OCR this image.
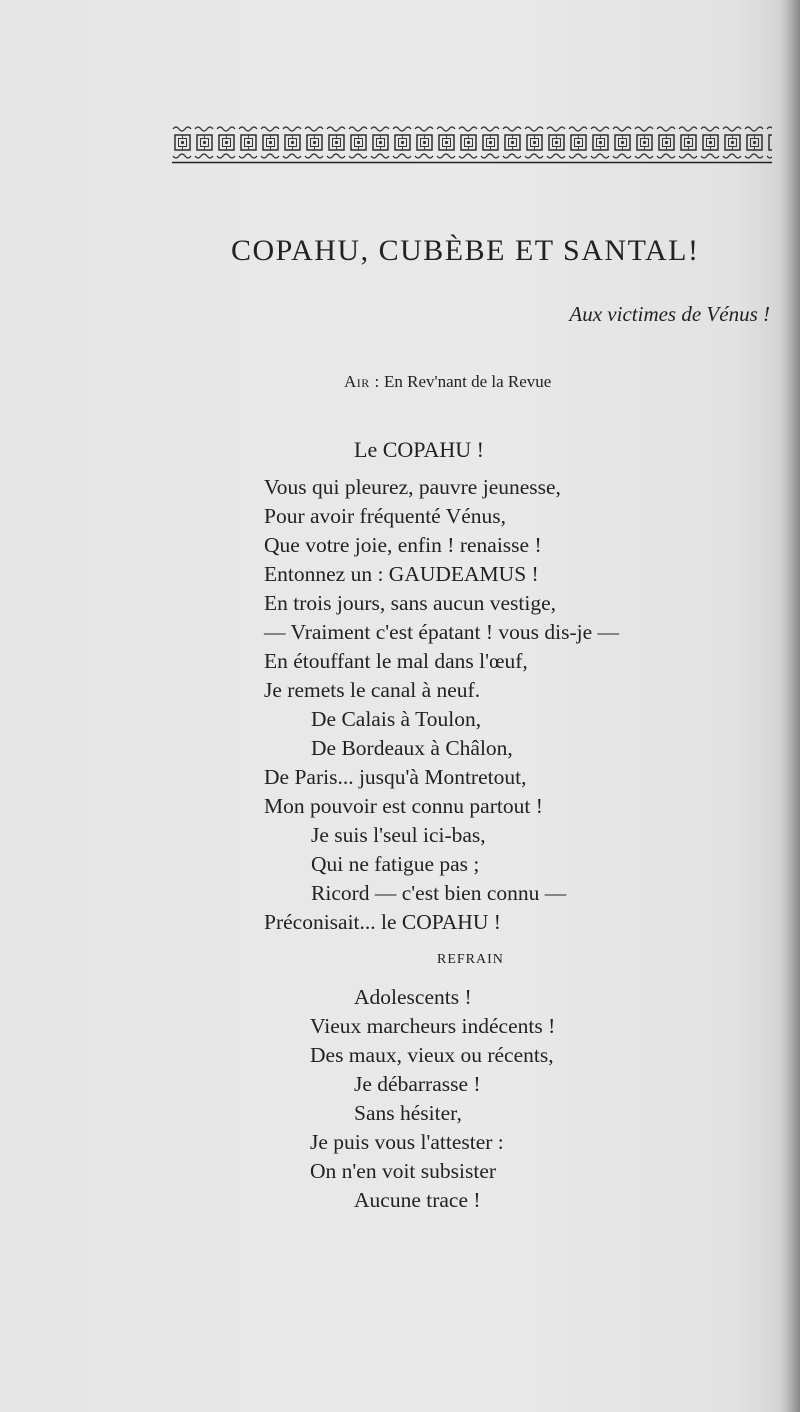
COPAHU, CUBÈBE ET SANTAL!
Aux victimes de Vénus !
Air : En Rev'nant de la Revue
Le COPAHU !
Vous qui pleurez, pauvre jeunesse,
Pour avoir fréquenté Vénus,
Que votre joie, enfin ! renaisse !
Entonnez un : GAUDEAMUS !
En trois jours, sans aucun vestige,
— Vraiment c'est épatant ! vous dis-je —
En étouffant le mal dans l'œuf,
Je remets le canal à neuf.
De Calais à Toulon,
De Bordeaux à Châlon,
De Paris... jusqu'à Montretout,
Mon pouvoir est connu partout !
Je suis l'seul ici-bas,
Qui ne fatigue pas ;
Ricord — c'est bien connu —
Préconisait... le COPAHU !
REFRAIN
Adolescents !
Vieux marcheurs indécents !
Des maux, vieux ou récents,
Je débarrasse !
Sans hésiter,
Je puis vous l'attester :
On n'en voit subsister
Aucune trace !
